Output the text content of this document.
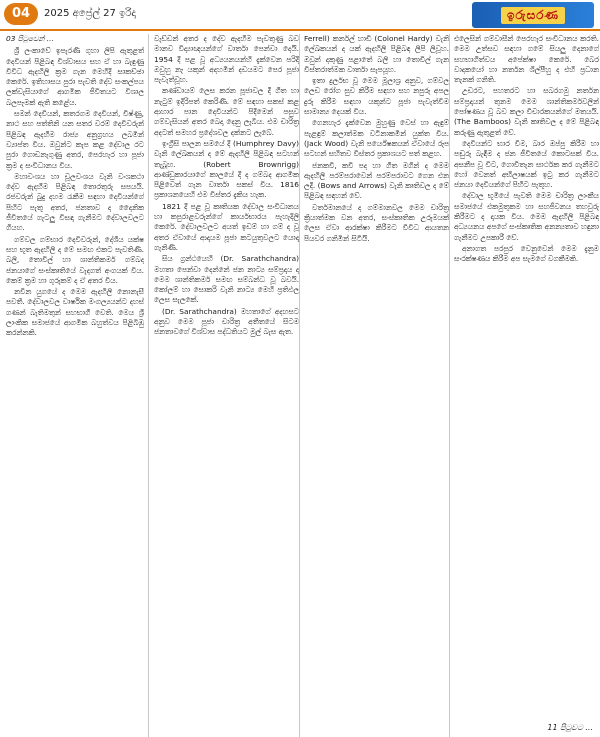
04	2025 අප්‍රේල් 27 ඉරිදා	ඉරුසරණ
03 පිටුවෙන් ...

ශ්‍රී ලංකාවේ ඉපැරණි ගුහා ලිපි ඇතුළත් දෙවියන් පිළිබඳ විශ්වාසය සහ ඒ හා බැඳුණු විවිධ ඇදහිලි ක්‍රම ගැන මෙහිදී සාකච්ඡා කෙරේ. ඉතිහාසය පුරා පැවති දේව සංකල්පය ලක්වැසියාගේ ආගමික ජීවිතයට විශාල බලපෑමක් ඇති කළේය.

සමන් දෙවියන්, කතරගම දෙවියන්, විෂ්ණු, නාථ සහ පත්තිනි යන සතර වරම් දෙවිවරුන් පිළිබඳ ඇදහීම රාජ්‍ය අනුග්‍රහය ලබමින් ව්‍යාප්ත විය. ඔවුන්ට කැප කළ දේවාල රට පුරා ගොඩනැගුණු අතර, පෙරහැර හා පූජා ක්‍රම ද සංවිධානය විය.

මහාවංශය හා චූලවංශය වැනි වංශකථා දේව ඇදහීම පිළිබඳ තොරතුරු සපයයි. රජවරුන් බුදු දහම රැකීම සඳහා දෙවියන්ගේ පිහිට පැතූ අතර, ජනතාව ද දෛනික ජීවිතයේ ගැටලු විසඳා ගැනීමට දේවාලවලට ගියහ.

ගම්වල ගම්භාර දෙවිවරුන්, දේශීය යක්ෂ සහ භූත ඇදහිලි ද මේ සමඟ එකට පැවතිණි. බලි, තොවිල් හා ශාන්තිකර්ම ගම්බද ජනයාගේ සංස්කෘතියේ වැදගත් අංගයක් විය. කෙම් ක්‍රම හා ගුරුකම් ද ඒ අතර විය.

නවීන යුගයේ ද මෙම ඇදහිලි නොනැසී පවතී. දේවාලවල වාර්ෂික මංගල්‍යයන්ට දහස් ගණන් බැතිමතුන් සහභාගී වෙති. මෙය ශ්‍රී ලාංකික සමාජයේ ආගමික බහුත්වය පිළිබිඹු කරන්නකි.

වැඩ්ඩන් අතර ද දේව ඇදහීම පැවතුණු බව මානව විද්‍යාඥයන්ගේ වාර්තා පෙන්වා දෙයි. 1954 දී පළ වූ අධ්‍යයනයන්හි දැක්වෙන පරිදි ඔවුහු නෑ යකුන් අදහමින් දඩයමට පෙර පූජා පැවැත්වූහ.

කණ්ඩායම් ලෙස කරන පූජාවල දී ගීත හා නැටුම් ඉදිරිපත් කෙරිණි. මේ සඳහා සකස් කළ ආහාර පාන දෙවියන්ට පිදීමෙන් පසුව ගම්වැසියන් අතර බෙදා දෙනු ලැබීය. එම චාරිත්‍ර අදටත් සමහර ප්‍රදේශවල දක්නට ලැබේ.

ඉංග්‍රීසි පාලන සමයේ දී (Humphrey Davy) වැනි ලේඛකයන් ද මේ ඇදහිලි පිළිබඳ සටහන් තැබූහ. (Robert Brownrigg) ආණ්ඩුකාරයාගේ කාලයේ දී ද ගම්බද ආගමික පිළිවෙත් ගැන වාර්තා සකස් විය. 1816 ප්‍රකාශනයෙහි එම විස්තර දැකිය හැක.

1821 දී පළ වූ කෘතියක දේවාල සංවිධානය හා කපුරාළවරුන්ගේ කාර්යභාරය පැහැදිලි කෙරේ. දේවාලවලට අයත් ඉඩම් හා ගම් ද වූ අතර ඒවායේ ආදායම පූජා කටයුතුවලට යොදා ගැනිණි.

සිය ග්‍රන්ථයෙහි (Dr. Sarathchandra) මහතා පෙන්වා දෙන්නේ ජන නාට්‍ය සම්ප්‍රදාය ද මෙම ශාන්තිකර්ම සමඟ සම්බන්ධ වූ බවයි. කෝලම් හා සොකරි වැනි නාට්‍ය මෙහි ප්‍රතිඵල ලෙස සැලකේ.

(Dr. Sarathchandra) මහතාගේ අදහසට අනුව මෙම පූජා චාරිත්‍ර අතීතයේ සිටම ජනතාවගේ විශ්වාස පද්ධතියට මුල් බැස ඇත.

Ferrell) කර්නල් හාඩි (Colonel Hardy) වැනි ලේඛකයන් ද යක් ඇදහිලි පිළිබඳ ලිපි ලිවූහ. ඔවුන් දකුණු පළාතේ බලි හා තොවිල් ගැන විස්තරාත්මක වාර්තා සැපයූහ.

ඉතා දුර්ලභ වූ මෙම මූලාශ්‍ර අනුව, ගම්වල ලෙඩ රෝග සුව කිරීම සඳහා සහ නපුරු අපල දුරු කිරීම සඳහා යකුන්ට පූජා පැවැත්වීම සාමාන්‍ය දෙයක් විය.

ගෙනහැර දැක්වෙන මුහුණු වෙස් හා ඇඳුම් පැළඳුම් කලාත්මක වටිනාකමින් යුක්ත විය. (Jack Wood) වැනි පර්යේෂකයන් ඒවායේ රූප සටහන් සහිතව විස්තර ප්‍රකාශයට පත් කළහ.

ජනකවි, කවි පද හා ගීත මගින් ද මෙම ඇදහිලි පරම්පරාවෙන් පරම්පරාවට ගෙන එන ලදී. (Bows and Arrows) වැනි කෘතිවල ද මේ පිළිබඳ සඳහන් වේ.

වර්තමානයේ ද ගම්මානවල මෙම චාරිත්‍ර ක්‍රියාත්මක වන අතර, සංස්කෘතික උරුමයක් ලෙස ඒවා ආරක්ෂා කිරීමට විවිධ ආයතන පියවර ගනිමින් සිටියි.

එලෙසින් ගම්වාසීන් පෙරහැර සංවිධානය කරති. මෙම උත්සව සඳහා ගමේ සියලු දෙනාගේ සහභාගිත්වය අපේක්ෂා කෙරේ. බෙර වාදකයෝ හා නර්තන ශිල්පීහු ද එහි ප්‍රධාන තැනක් ගනිති.

උඩරට, පහතරට හා සබරගමු නර්තන සම්ප්‍රදායන් තුනම මෙම ශාන්තිකර්මවලින් පෝෂණය වූ බව කලා විචාරකයන්ගේ මතයයි. (The Bamboos) වැනි කෘතිවල ද මේ පිළිබඳ කරුණු ඇතුළත් වේ.

දෙවියන්ට භාර වීම, බාර ඔප්පු කිරීම හා පඬුරු බැඳීම ද ජන ජීවිතයේ කොටසක් විය. අසනීප වූ විට, ගොවිතැන සාර්ථක කර ගැනීමට හෝ වෙනත් අභිලාෂයක් ඉටු කර ගැනීමට ජනයා දෙවියන්ගේ පිහිට පැතූහ.

දේවාල භූමියේ පැවති මෙම චාරිත්‍ර ලාංකීය සමාජයේ එකමුතුකම හා සහජීවනය තහවුරු කිරීමට ද දායක විය. මෙම ඇදහිලි පිළිබඳ අධ්‍යයනය අපගේ සංස්කෘතික අනන්‍යතාව හඳුනා ගැනීමට උපකාරී වේ.

අනාගත පරපුර වෙනුවෙන් මෙම දැනුම සංරක්ෂණය කිරීම අප සැමගේ වගකීමකි.

11 පිටුවට ...
